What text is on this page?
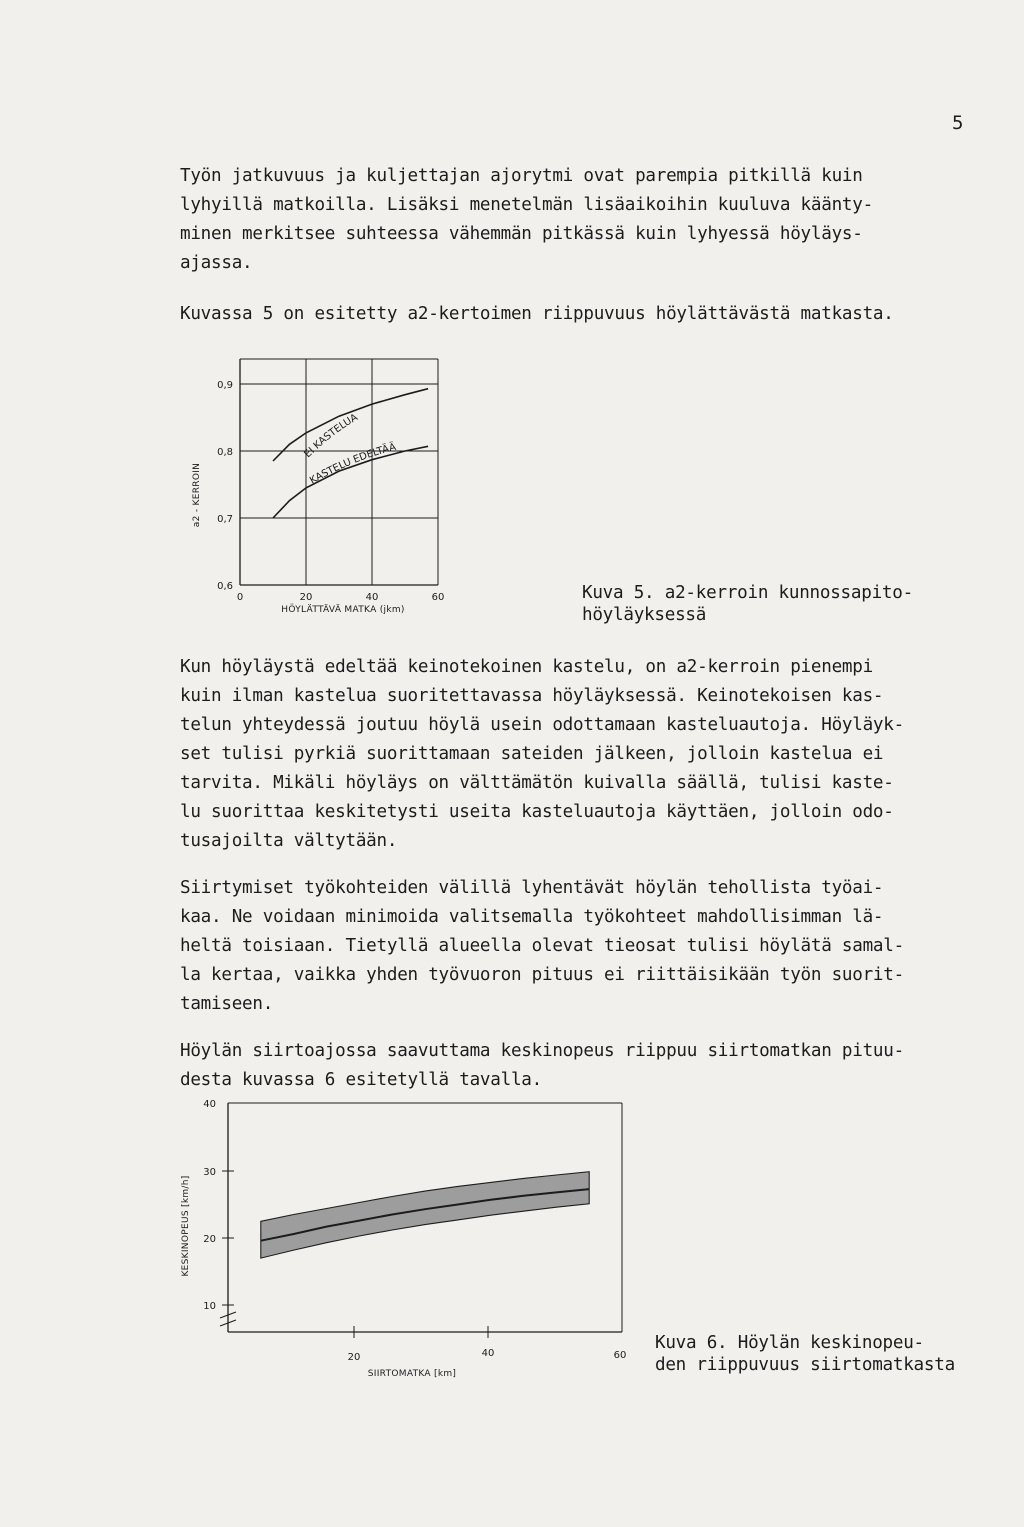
5

Työn jatkuvuus ja kuljettajan ajorytmi ovat parempia pitkillä kuin
lyhyillä matkoilla. Lisäksi menetelmän lisäaikoihin kuuluva käänty-
minen merkitsee suhteessa vähemmän pitkässä kuin lyhyessä höyläys-
ajassa.

Kuvassa 5 on esitetty a2-kertoimen riippuvuus höylättävästä matkasta.

0,9
0,8
0,7
0,6
0	20	40	60
HÖYLÄTTÄVÄ MATKA (jkm)
a2 - KERROIN
EI KASTELUA
KASTELU EDELTÄÄ
Kuva 5. a2-kerroin kunnossapito-
höyläyksessä

Kun höyläystä edeltää keinotekoinen kastelu, on a2-kerroin pienempi
kuin ilman kastelua suoritettavassa höyläyksessä. Keinotekoisen kas-
telun yhteydessä joutuu höylä usein odottamaan kasteluautoja. Höyläyk-
set tulisi pyrkiä suorittamaan sateiden jälkeen, jolloin kastelua ei
tarvita. Mikäli höyläys on välttämätön kuivalla säällä, tulisi kaste-
lu suorittaa keskitetysti useita kasteluautoja käyttäen, jolloin odo-
tusajoilta vältytään.

Siirtymiset työkohteiden välillä lyhentävät höylän tehollista työai-
kaa. Ne voidaan minimoida valitsemalla työkohteet mahdollisimman lä-
heltä toisiaan. Tietyllä alueella olevat tieosat tulisi höylätä samal-
la kertaa, vaikka yhden työvuoron pituus ei riittäisikään työn suorit-
tamiseen.

Höylän siirtoajossa saavuttama keskinopeus riippuu siirtomatkan pituu-
desta kuvassa 6 esitetyllä tavalla.

40
30
20
10
20	40	60
SIIRTOMATKA [km]
KESKINOPEUS [km/h]
Kuva 6. Höylän keskinopeu-
den riippuvuus siirtomatkasta
